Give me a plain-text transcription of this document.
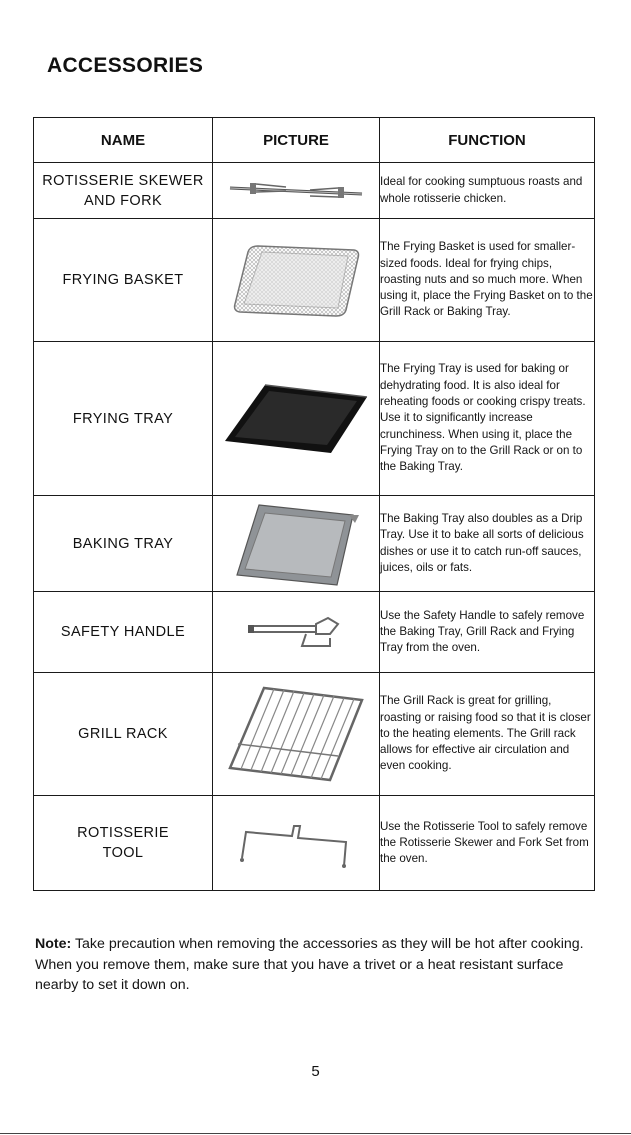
ACCESSORIES
NAME	PICTURE	FUNCTION

ROTISSERIE SKEWER
AND FORK		Ideal for cooking sumptuous roasts and whole rotisserie chicken.

FRYING BASKET		The Frying Basket is used for smaller-sized foods. Ideal for frying chips, roasting nuts and so much more. When using it, place the Frying Basket on to the Grill Rack or Baking Tray.

FRYING TRAY		The Frying Tray is used for baking or dehydrating food. It is also ideal for reheating foods or cooking crispy treats. Use it to significantly increase crunchiness. When using it, place the Frying Tray on to the Grill Rack or on to the Baking Tray.

BAKING TRAY		The Baking Tray also doubles as a Drip Tray. Use it to bake all sorts of delicious dishes or use it to catch run-off sauces, juices, oils or fats.

SAFETY HANDLE		Use the Safety Handle to safely remove the Baking Tray, Grill Rack and Frying Tray from the oven.

GRILL RACK		The Grill Rack is great for grilling, roasting or raising food so that it is closer to the heating elements. The Grill rack allows for effective air circulation and even cooking.

ROTISSERIE
TOOL		Use the Rotisserie Tool to safely remove the Rotisserie Skewer and Fork Set from the oven.
Note: Take precaution when removing the accessories as they will be hot after cooking. When you remove them, make sure that you have a trivet or a heat resistant surface nearby to set it down on.
5
